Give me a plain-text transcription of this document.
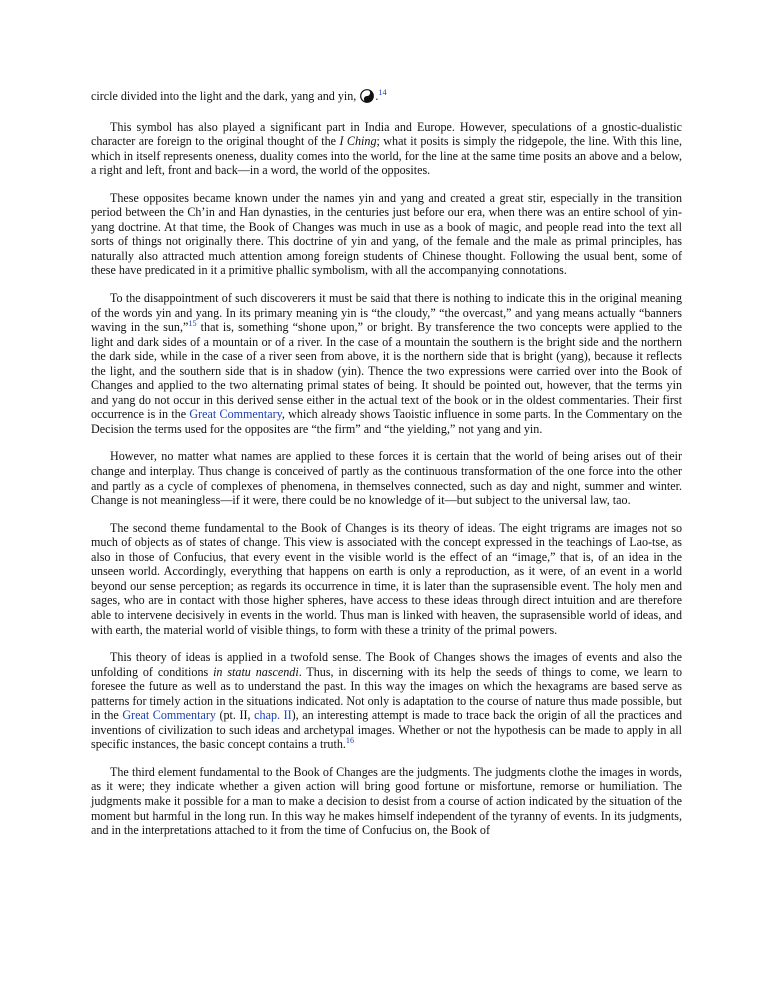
circle divided into the light and the dark, yang and yin, .$^{14}$

This symbol has also played a significant part in India and Europe. However, speculations of a gnostic-dualistic character are foreign to the original thought of the I Ching; what it posits is simply the ridgepole, the line. With this line, which in itself represents oneness, duality comes into the world, for the line at the same time posits an above and a below, a right and left, front and back—in a word, the world of the opposites.

These opposites became known under the names yin and yang and created a great stir, especially in the transition period between the Ch’in and Han dynasties, in the centuries just before our era, when there was an entire school of yin-yang doctrine. At that time, the Book of Changes was much in use as a book of magic, and people read into the text all sorts of things not originally there. This doctrine of yin and yang, of the female and the male as primal principles, has naturally also attracted much attention among foreign students of Chinese thought. Following the usual bent, some of these have predicated in it a primitive phallic symbolism, with all the accompanying connotations.

To the disappointment of such discoverers it must be said that there is nothing to indicate this in the original meaning of the words yin and yang. In its primary meaning yin is “the cloudy,” “the overcast,” and yang means actually “banners waving in the sun,”$^{15}$ that is, something “shone upon,” or bright. By transference the two concepts were applied to the light and dark sides of a mountain or of a river. In the case of a mountain the southern is the bright side and the northern the dark side, while in the case of a river seen from above, it is the northern side that is bright (yang), because it reflects the light, and the southern side that is in shadow (yin). Thence the two expressions were carried over into the Book of Changes and applied to the two alternating primal states of being. It should be pointed out, however, that the terms yin and yang do not occur in this derived sense either in the actual text of the book or in the oldest commentaries. Their first occurrence is in the Great Commentary, which already shows Taoistic influence in some parts. In the Commentary on the Decision the terms used for the opposites are “the firm” and “the yielding,” not yang and yin.

However, no matter what names are applied to these forces it is certain that the world of being arises out of their change and interplay. Thus change is conceived of partly as the continuous transformation of the one force into the other and partly as a cycle of complexes of phenomena, in themselves connected, such as day and night, summer and winter. Change is not meaningless—if it were, there could be no knowledge of it—but subject to the universal law, tao.

The second theme fundamental to the Book of Changes is its theory of ideas. The eight trigrams are images not so much of objects as of states of change. This view is associated with the concept expressed in the teachings of Lao-tse, as also in those of Confucius, that every event in the visible world is the effect of an “image,” that is, of an idea in the unseen world. Accordingly, everything that happens on earth is only a reproduction, as it were, of an event in a world beyond our sense perception; as regards its occurrence in time, it is later than the suprasensible event. The holy men and sages, who are in contact with those higher spheres, have access to these ideas through direct intuition and are therefore able to intervene decisively in events in the world. Thus man is linked with heaven, the suprasensible world of ideas, and with earth, the material world of visible things, to form with these a trinity of the primal powers.

This theory of ideas is applied in a twofold sense. The Book of Changes shows the images of events and also the unfolding of conditions in statu nascendi. Thus, in discerning with its help the seeds of things to come, we learn to foresee the future as well as to understand the past. In this way the images on which the hexagrams are based serve as patterns for timely action in the situations indicated. Not only is adaptation to the course of nature thus made possible, but in the Great Commentary (pt. II, chap. II), an interesting attempt is made to trace back the origin of all the practices and inventions of civilization to such ideas and archetypal images. Whether or not the hypothesis can be made to apply in all specific instances, the basic concept contains a truth.$^{16}$

The third element fundamental to the Book of Changes are the judgments. The judgments clothe the images in words, as it were; they indicate whether a given action will bring good fortune or misfortune, remorse or humiliation. The judgments make it possible for a man to make a decision to desist from a course of action indicated by the situation of the moment but harmful in the long run. In this way he makes himself independent of the tyranny of events. In its judgments, and in the interpretations attached to it from the time of Confucius on, the Book of
